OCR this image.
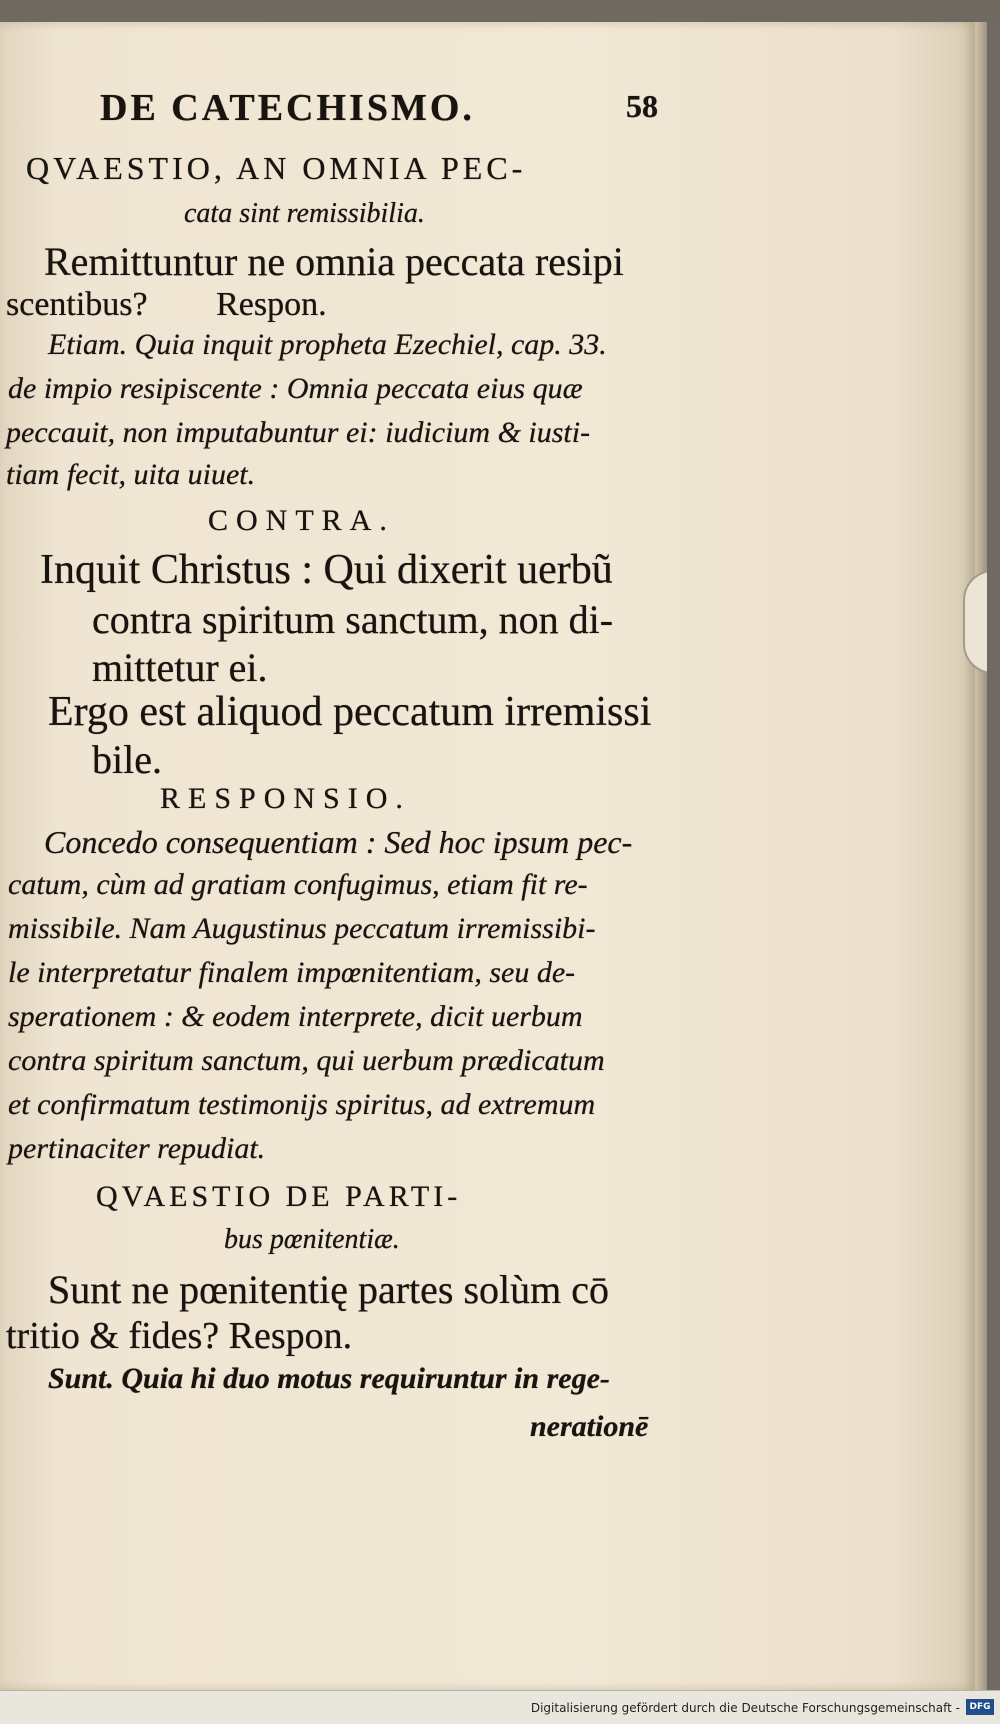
DE CATECHISMO.	58
QVAESTIO, AN OMNIA PEC-
cata sint remissibilia.
Remittuntur ne omnia peccata resipi
scentibus? Respon.
Etiam. Quia inquit propheta Ezechiel, cap. 33.
de impio resipiscente : Omnia peccata eius quæ
peccauit, non imputabuntur ei: iudicium & iusti-
tiam fecit, uita uiuet.
CONTRA.
Inquit Christus : Qui dixerit uerbũ
contra spiritum sanctum, non di-
mittetur ei.
Ergo est aliquod peccatum irremissi
bile.
RESPONSIO.
Concedo consequentiam : Sed hoc ipsum pec-
catum, cùm ad gratiam confugimus, etiam fit re-
missibile. Nam Augustinus peccatum irremissibi-
le interpretatur finalem impœnitentiam, seu de-
sperationem : & eodem interprete, dicit uerbum
contra spiritum sanctum, qui uerbum prædicatum
et confirmatum testimonijs spiritus, ad extremum
pertinaciter repudiat.
QVAESTIO DE PARTI-
bus pœnitentiæ.
Sunt ne pœnitentię partes solùm cō
tritio & fides? Respon.
Sunt. Quia hi duo motus requiruntur in rege-
nerationē
Digitalisierung gefördert durch die Deutsche Forschungsgemeinschaft -	DFG
